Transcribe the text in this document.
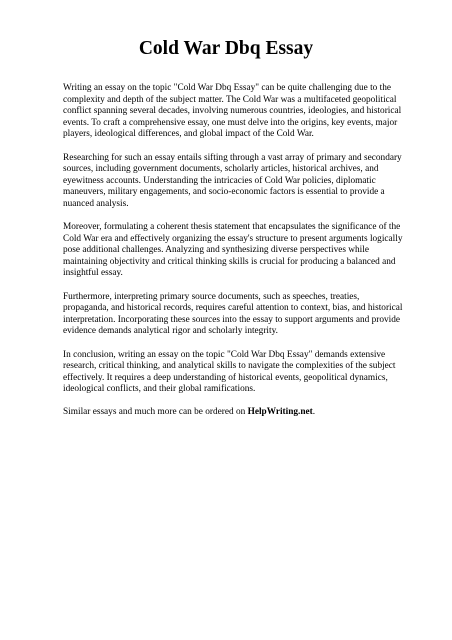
Cold War Dbq Essay

Writing an essay on the topic "Cold War Dbq Essay" can be quite challenging due to the complexity and depth of the subject matter. The Cold War was a multifaceted geopolitical conflict spanning several decades, involving numerous countries, ideologies, and historical events. To craft a comprehensive essay, one must delve into the origins, key events, major players, ideological differences, and global impact of the Cold War.

Researching for such an essay entails sifting through a vast array of primary and secondary sources, including government documents, scholarly articles, historical archives, and eyewitness accounts. Understanding the intricacies of Cold War policies, diplomatic maneuvers, military engagements, and socio-economic factors is essential to provide a nuanced analysis.

Moreover, formulating a coherent thesis statement that encapsulates the significance of the Cold War era and effectively organizing the essay's structure to present arguments logically pose additional challenges. Analyzing and synthesizing diverse perspectives while maintaining objectivity and critical thinking skills is crucial for producing a balanced and insightful essay.

Furthermore, interpreting primary source documents, such as speeches, treaties, propaganda, and historical records, requires careful attention to context, bias, and historical interpretation. Incorporating these sources into the essay to support arguments and provide evidence demands analytical rigor and scholarly integrity.

In conclusion, writing an essay on the topic "Cold War Dbq Essay" demands extensive research, critical thinking, and analytical skills to navigate the complexities of the subject effectively. It requires a deep understanding of historical events, geopolitical dynamics, ideological conflicts, and their global ramifications.

Similar essays and much more can be ordered on HelpWriting.net.
